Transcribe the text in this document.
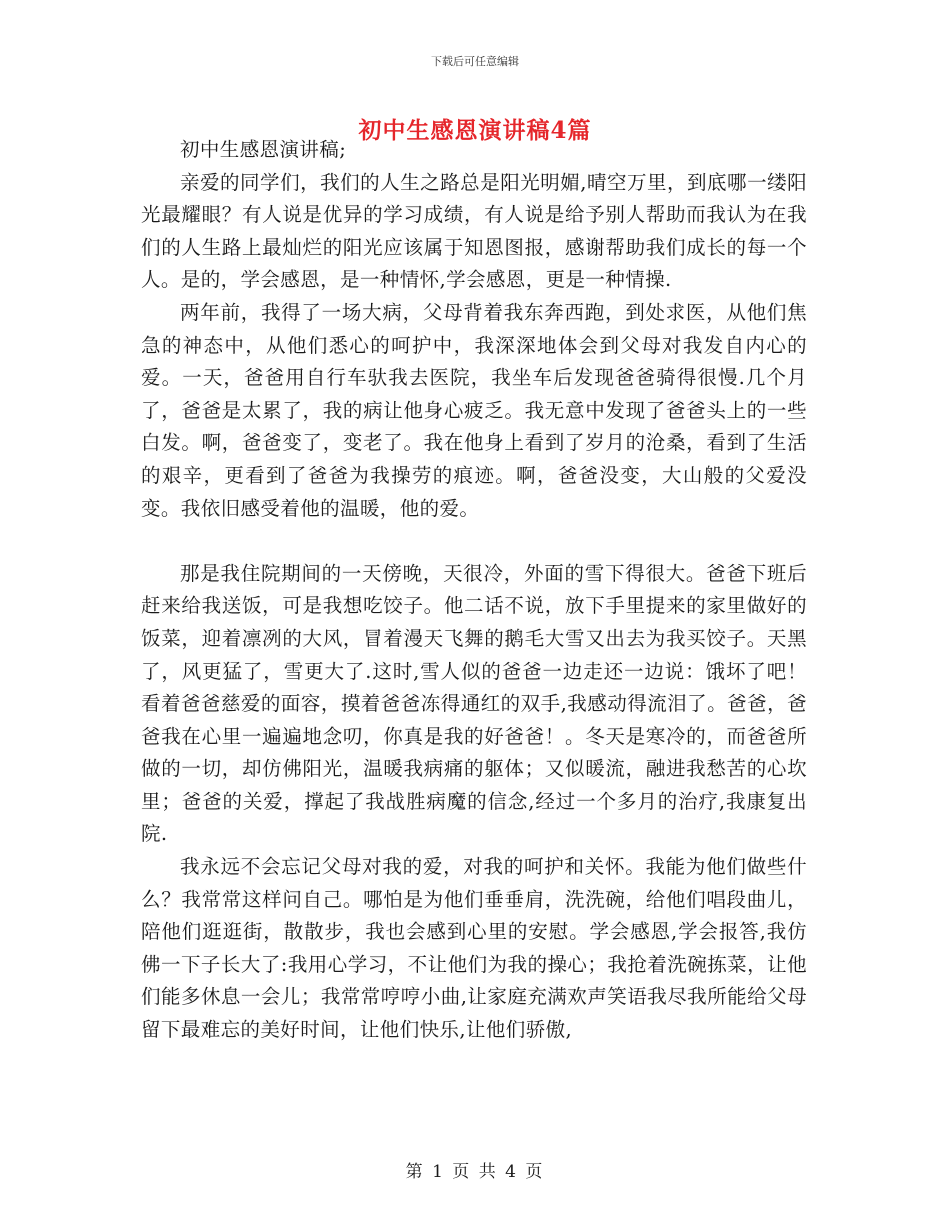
下载后可任意编辑
初中生感恩演讲稿4篇

初中生感恩演讲稿;

亲爱的同学们，我们的人生之路总是阳光明媚,晴空万里，到底哪一缕阳光最耀眼？有人说是优异的学习成绩，有人说是给予别人帮助而我认为在我们的人生路上最灿烂的阳光应该属于知恩图报，感谢帮助我们成长的每一个人。是的，学会感恩，是一种情怀,学会感恩，更是一种情操.

两年前，我得了一场大病，父母背着我东奔西跑，到处求医，从他们焦急的神态中，从他们悉心的呵护中，我深深地体会到父母对我发自内心的爱。一天，爸爸用自行车驮我去医院，我坐车后发现爸爸骑得很慢.几个月了，爸爸是太累了，我的病让他身心疲乏。我无意中发现了爸爸头上的一些白发。啊，爸爸变了，变老了。我在他身上看到了岁月的沧桑，看到了生活的艰辛，更看到了爸爸为我操劳的痕迹。啊，爸爸没变，大山般的父爱没变。我依旧感受着他的温暖，他的爱。

那是我住院期间的一天傍晚，天很冷，外面的雪下得很大。爸爸下班后赶来给我送饭，可是我想吃饺子。他二话不说，放下手里提来的家里做好的饭菜，迎着凛冽的大风，冒着漫天飞舞的鹅毛大雪又出去为我买饺子。天黑了，风更猛了，雪更大了.这时,雪人似的爸爸一边走还一边说：饿坏了吧！看着爸爸慈爱的面容，摸着爸爸冻得通红的双手,我感动得流泪了。爸爸，爸爸我在心里一遍遍地念叨，你真是我的好爸爸！。冬天是寒冷的，而爸爸所做的一切，却仿佛阳光，温暖我病痛的躯体；又似暖流，融进我愁苦的心坎里；爸爸的关爱，撑起了我战胜病魔的信念,经过一个多月的治疗,我康复出院.

我永远不会忘记父母对我的爱，对我的呵护和关怀。我能为他们做些什么？我常常这样问自己。哪怕是为他们垂垂肩，洗洗碗，给他们唱段曲儿，陪他们逛逛街，散散步，我也会感到心里的安慰。学会感恩,学会报答,我仿佛一下子长大了:我用心学习，不让他们为我的操心；我抢着洗碗拣菜，让他们能多休息一会儿；我常常哼哼小曲,让家庭充满欢声笑语我尽我所能给父母留下最难忘的美好时间，让他们快乐,让他们骄傲,

第 1 页 共 4 页
